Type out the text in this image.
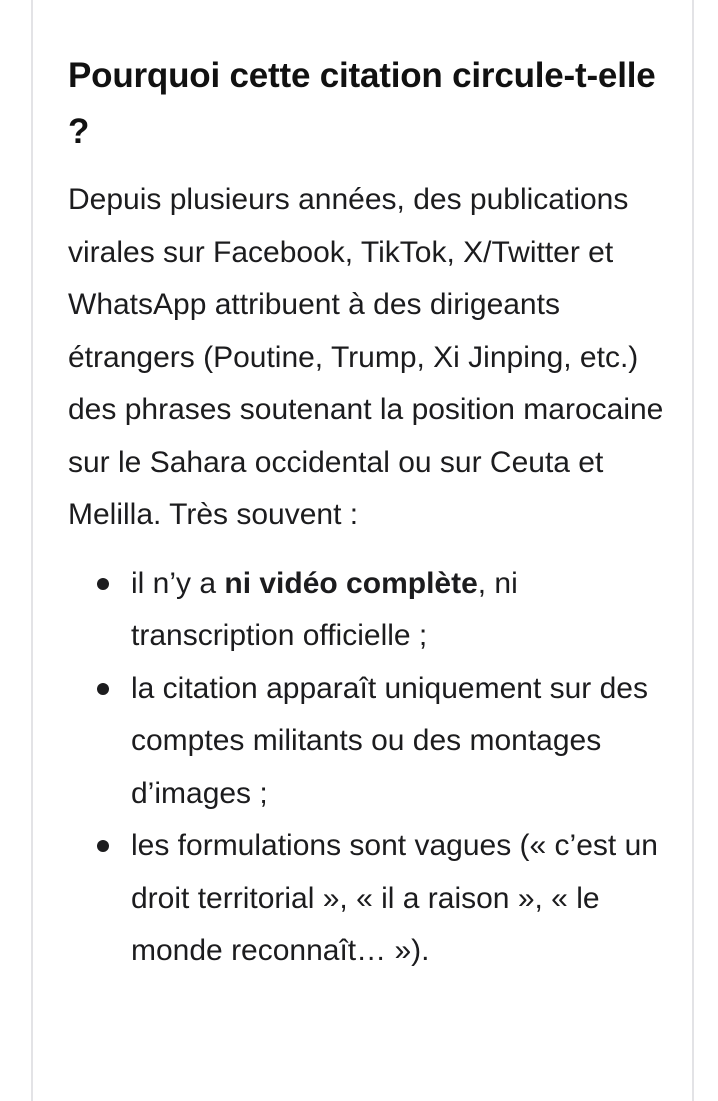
Pourquoi cette citation circule-t-elle ?

Depuis plusieurs années, des publications virales sur Facebook, TikTok, X/Twitter et WhatsApp attribuent à des dirigeants étrangers (Poutine, Trump, Xi Jinping, etc.) des phrases soutenant la position marocaine sur le Sahara occidental ou sur Ceuta et Melilla. Très souvent :

il n’y a ni vidéo complète, ni transcription officielle ;
la citation apparaît uniquement sur des comptes militants ou des montages d’images ;
les formulations sont vagues (« c’est un droit territorial », « il a raison », « le monde reconnaît… »).
